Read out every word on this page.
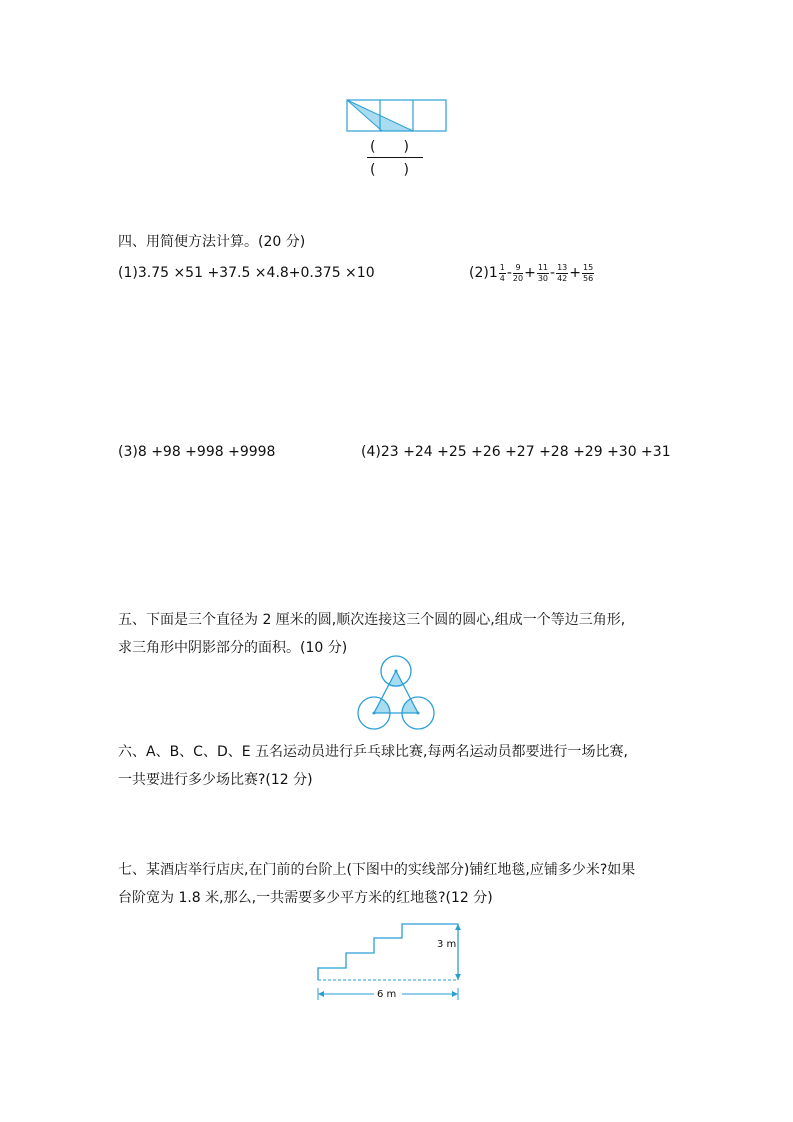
(　　)
(　　)
四、用简便方法计算。(20 分)
(1)3.75 ×51 +37.5 ×4.8+0.375 ×10	$(2)1 \frac{1}{4} - \frac{9}{20} + \frac{11}{30} - \frac{13}{42} + \frac{15}{56}$
(3)8 +98 +998 +9998	(4)23 +24 +25 +26 +27 +28 +29 +30 +31
五、下面是三个直径为 2 厘米的圆,顺次连接这三个圆的圆心,组成一个等边三角形,求三角形中阴影部分的面积。(10 分)
六、A、B、C、D、E 五名运动员进行乒乓球比赛,每两名运动员都要进行一场比赛,一共要进行多少场比赛?(12 分)
七、某酒店举行店庆,在门前的台阶上(下图中的实线部分)铺红地毯,应铺多少米?如果台阶宽为 1.8 米,那么,一共需要多少平方米的红地毯?(12 分)
3 m
6 m
